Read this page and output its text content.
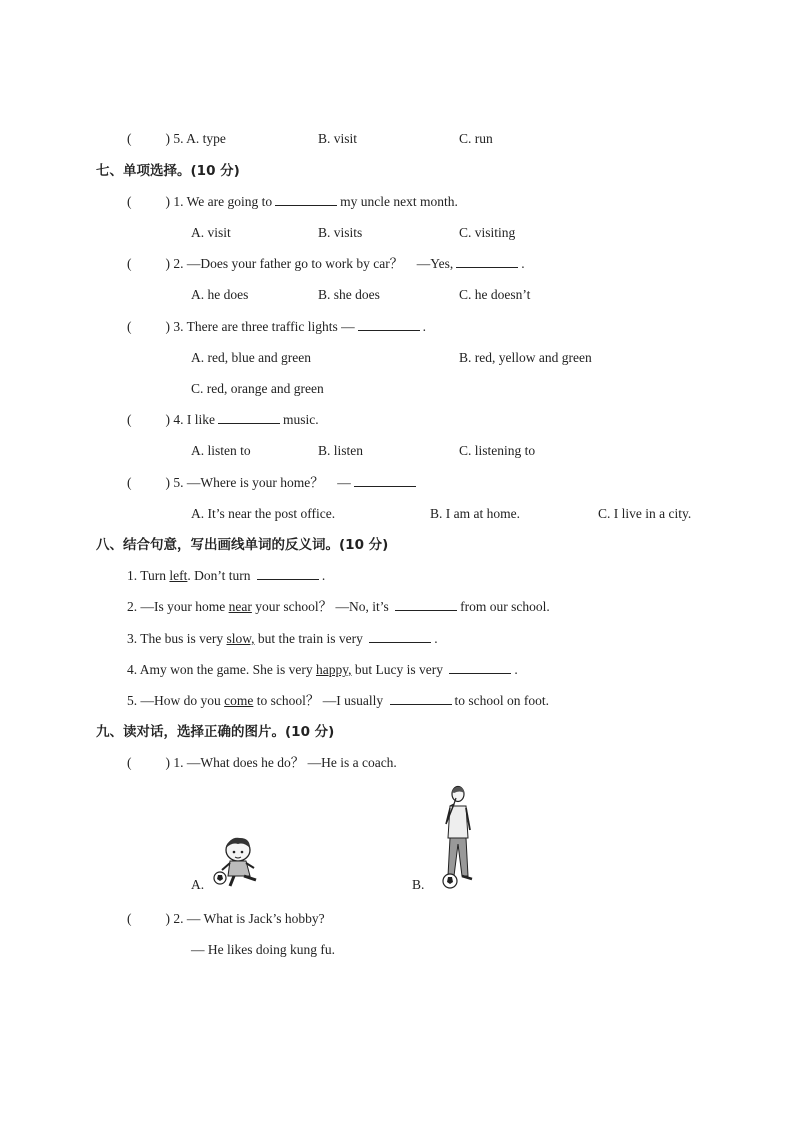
(	) 5. A. type	B. visit	C. run
七、单项选择。(10 分)
(	) 1. We are going to	my uncle next month.
A. visit	B. visits	C. visiting
(	) 2. —Does your father go to work by car？ —Yes,	.
A. he does	B. she does	C. he doesn’t
(	) 3. There are three traffic lights —	.
A. red, blue and green	B. red, yellow and green
C. red, orange and green
(	) 4. I like	music.
A. listen to	B. listen	C. listening to
(	) 5. —Where is your home？ —
A. It’s near the post office.	B. I am at home.	C. I live in a city.
八、结合句意，写出画线单词的反义词。(10 分)
1. Turn left. Don’t turn	.
2. —Is your home near your school？ —No, it’s	from our school.
3. The bus is very slow, but the train is very	.
4. Amy won the game. She is very happy, but Lucy is very	.
5. —How do you come to school？ —I usually	to school on foot.
九、读对话，选择正确的图片。(10 分)
(	) 1. —What does he do？ —He is a coach.
A.	B.
(	) 2. — What is Jack’s hobby?
— He likes doing kung fu.
